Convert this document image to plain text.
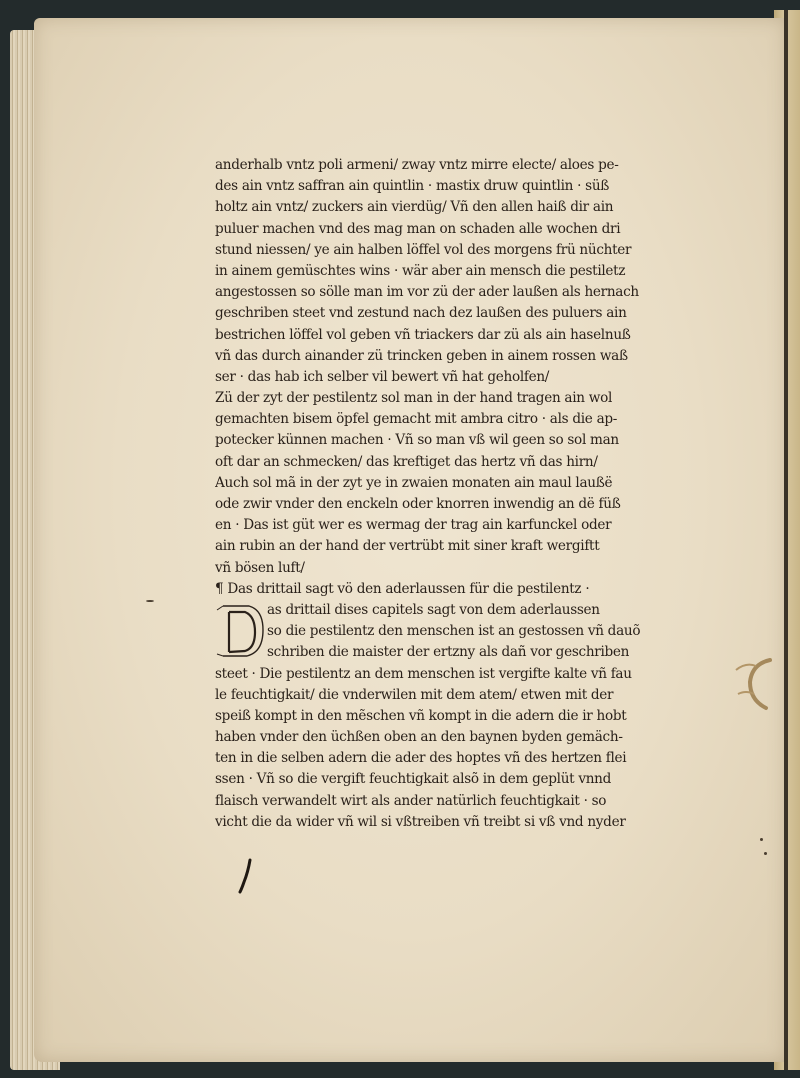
anderhalb vntz poli armeni/ zway vntz mirre electe/ aloes pe-
des ain vntz saffran ain quintlin · mastix druw quintlin · süß
holtz ain vntz/ zuckers ain vierdüg/ Vñ den allen haiß dir ain
puluer machen vnd des mag man on schaden alle wochen dri
stund niessen/ ye ain halben löffel vol des morgens frü nüchter
in ainem gemüschtes wins · wär aber ain mensch die pestiletz
angestossen so sölle man im vor zü der ader laußen als hernach
geschriben steet vnd zestund nach dez laußen des puluers ain
bestrichen löffel vol geben vñ triackers dar zü als ain haselnuß
vñ das durch ainander zü trincken geben in ainem rossen waß
ser · das hab ich selber vil bewert vñ hat geholfen/
Zü der zyt der pestilentz sol man in der hand tragen ain wol
gemachten bisem öpfel gemacht mit ambra citro · als die ap-
potecker künnen machen · Vñ so man vß wil geen so sol man
oft dar an schmecken/ das kreftiget das hertz vñ das hirn/
Auch sol mã in der zyt ye in zwaien monaten ain maul laußë
ode zwir vnder den enckeln oder knorren inwendig an dë füß
en · Das ist güt wer es wermag der trag ain karfunckel oder
ain rubin an der hand der vertrübt mit siner kraft wergiftt
vñ bösen luft/
¶ Das drittail sagt vö den aderlaussen für die pestilentz ·
as drittail dises capitels sagt von dem aderlaussen
so die pestilentz den menschen ist an gestossen vñ dauõ
schriben die maister der ertzny als dañ vor geschriben
steet · Die pestilentz an dem menschen ist vergifte kalte vñ fau
le feuchtigkait/ die vnderwilen mit dem atem/ etwen mit der
speiß kompt in den mẽschen vñ kompt in die adern die ir hobt
haben vnder den üchßen oben an den baynen byden gemäch-
ten in die selben adern die ader des hoptes vñ des hertzen flei
ssen · Vñ so die vergift feuchtigkait alsõ in dem geplüt vnnd
flaisch verwandelt wirt als ander natürlich feuchtigkait · so
vicht die da wider vñ wil si vßtreiben vñ treibt si vß vnd nyder
